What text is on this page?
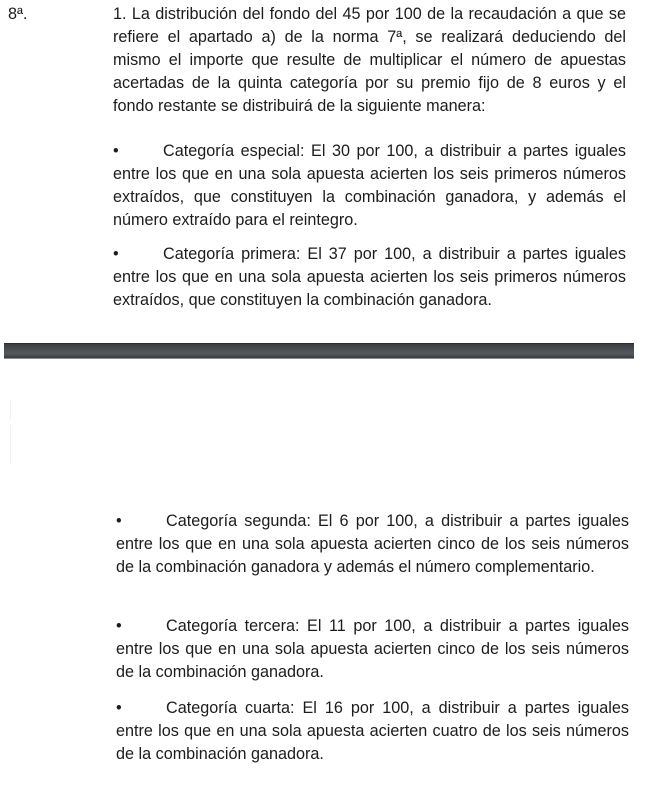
8ª.	1. La distribución del fondo del 45 por 100 de la recaudación a que se refiere el apartado a) de la norma 7ª, se realizará deduciendo del mismo el importe que resulte de multiplicar el número de apuestas acertadas de la quinta categoría por su premio fijo de 8 euros y el fondo restante se distribuirá de la siguiente manera:

•	Categoría especial: El 30 por 100, a distribuir a partes iguales entre los que en una sola apuesta acierten los seis primeros números extraídos, que constituyen la combinación ganadora, y además el número extraído para el reintegro.

•	Categoría primera: El 37 por 100, a distribuir a partes iguales entre los que en una sola apuesta acierten los seis primeros números extraídos, que constituyen la combinación ganadora.

•	Categoría segunda: El 6 por 100, a distribuir a partes iguales entre los que en una sola apuesta acierten cinco de los seis números de la combinación ganadora y además el número complementario.

•	Categoría tercera: El 11 por 100, a distribuir a partes iguales entre los que en una sola apuesta acierten cinco de los seis números de la combinación ganadora.

•	Categoría cuarta: El 16 por 100, a distribuir a partes iguales entre los que en una sola apuesta acierten cuatro de los seis números de la combinación ganadora.
